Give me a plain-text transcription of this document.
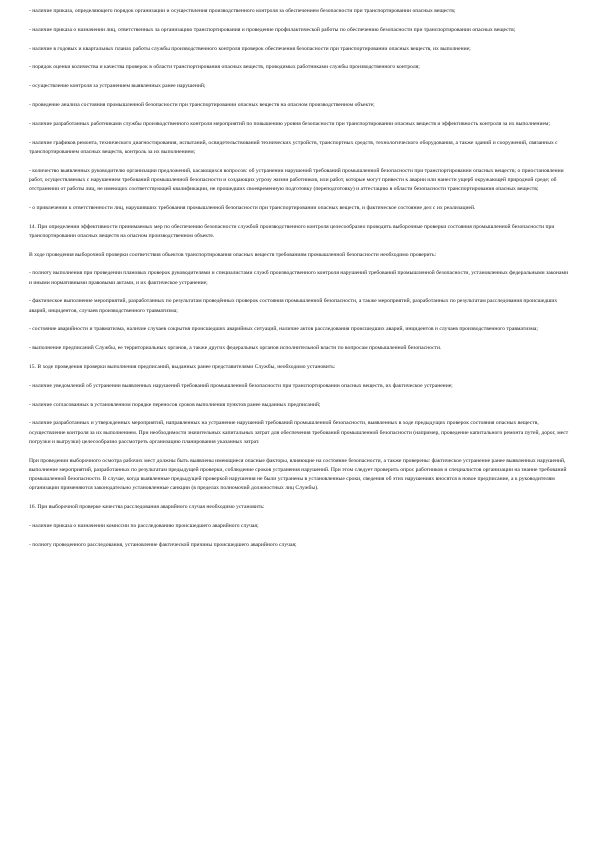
- наличие приказа, определяющего порядок организации и осуществления производственного контроля за обеспечением безопасности при транспортировании опасных веществ;

- наличие приказа о назначении лиц, ответственных за организацию транспортирования и проведение профилактической работы по обеспечению безопасности при транспортировании опасных веществ;

- наличие в годовых и квартальных планах работы службы производственного контроля проверок обеспечения безопасности при транспортировании опасных веществ, их выполнение;

- порядок оценки количества и качества проверок в области транспортирования опасных веществ, проводимых работниками службы производственного контроля;

- осуществление контроля за устранением выявленных ранее нарушений;

- проведение анализа состояния промышленной безопасности при транспортировании опасных веществ на опасном производственном объекте;

- наличие разработанных работниками службы производственного контроля мероприятий по повышению уровня безопасности при транспортировании опасных веществ и эффективность контроля за их выполнением;

- наличие графиков ремонта, технического диагностирования, испытаний, освидетельствований технических устройств, транспортных средств, технологического оборудования, а также зданий и сооружений, связанных с транспортированием опасных веществ, контроль за их выполнением;

- количество выявленных руководителю организации предложений, касающихся вопросов: об устранении нарушений требований промышленной безопасности при транспортировании опасных веществ; о приостановлении работ, осуществляемых с нарушением требований промышленной безопасности и создающих угрозу жизни работников, или работ, которые могут привести к аварии или нанести ущерб окружающей природной среде; об отстранении от работы лиц, не имеющих соответствующей квалификации, не прошедших своевременную подготовку (переподготовку) и аттестацию в области безопасности транспортирования опасных веществ;

- о привлечении к ответственности лиц, нарушивших требования промышленной безопасности при транспортировании опасных веществ, и фактическое состояние дел с их реализацией.

14. При определении эффективности принимаемых мер по обеспечению безопасности службой производственного контроля целесообразно проводить выборочные проверки состояния промышленной безопасности при транспортировании опасных веществ на опасном производственном объекте.

В ходе проведения выборочной проверки соответствия объектов транспортирования опасных веществ требованиям промышленной безопасности необходимо проверить:

- полноту выполнения при проведении плановых проверок руководителями и специалистами служб производственного контроля нарушений требований промышленной безопасности, установленных федеральными законами и иными нормативными правовыми актами, и их фактическое устранение;

- фактическое выполнение мероприятий, разработанных по результатам проведённых проверок состояния промышленной безопасности, а также мероприятий, разработанных по результатам расследования происшедших аварий, инцидентов, случаев производственного травматизма;

- состояние аварийности и травматизма, наличие случаев сокрытия происшедших аварийных ситуаций, наличие актов расследования происшедших аварий, инцидентов и случаев производственного травматизма;

- выполнение предписаний Службы, ее территориальных органов, а также других федеральных органов исполнительной власти по вопросам промышленной безопасности.

15. В ходе проведения проверки выполнения предписаний, выданных ранее представителями Службы, необходимо установить:

- наличие уведомлений об устранении выявленных нарушений требований промышленной безопасности при транспортировании опасных веществ, их фактическое устранение;

- наличие согласованных в установленном порядке переносов сроков выполнения пунктов ранее выданных предписаний;

- наличие разработанных и утвержденных мероприятий, направленных на устранение нарушений требований промышленной безопасности, выявленных в ходе предыдущих проверок состояния опасных веществ, осуществление контроля за их выполнением. При необходимости значительных капитальных затрат для обеспечения требований промышленной безопасности (например, проведение капитального ремонта путей, дорог, мест погрузки и выгрузки) целесообразно рассмотреть организацию планирования указанных затрат.

При проведении выборочного осмотра рабочих мест должны быть выявлены имеющиеся опасные факторы, влияющие на состояние безопасности, а также проверены: фактическое устранение ранее выявленных нарушений, выполнение мероприятий, разработанных по результатам предыдущей проверки, соблюдение сроков устранения нарушений. При этом следует проверить опрос работников и специалистов организации на знание требований промышленной безопасности. В случае, когда выявленные предыдущей проверкой нарушения не были устранены в установленные сроки, сведения об этих нарушениях вносятся в новое предписание, а к руководителям организации применяются законодательно установленные санкции (в пределах полномочий должностных лиц Службы).

16. При выборочной проверке качества расследования аварийного случая необходимо установить:

- наличие приказа о назначении комиссии по расследованию происшедшего аварийного случая;

- полноту проведенного расследования, установление фактической причины происшедшего аварийного случая;
